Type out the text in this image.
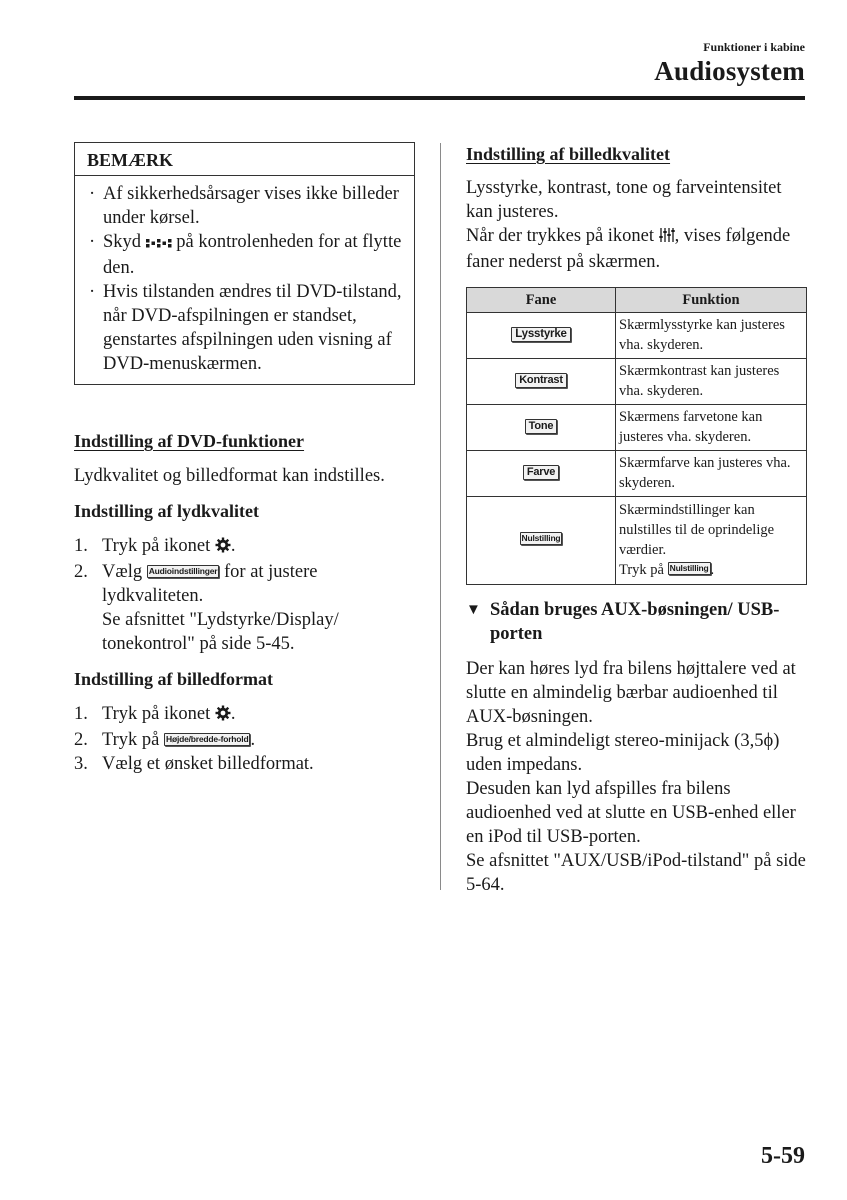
Funktioner i kabine
Audiosystem
BEMÆRK
· Af sikkerhedsårsager vises ikke billeder under kørsel.
· Skyd  på kontrolenheden for at flytte den.
· Hvis tilstanden ændres til DVD-tilstand, når DVD-afspilningen er standset, genstartes afspilningen uden visning af DVD-menuskærmen.
Indstilling af DVD-funktioner
Lydkvalitet og billedformat kan indstilles.
Indstilling af lydkvalitet
1. Tryk på ikonet .
2. Vælg Audioindstillinger for at justere lydkvaliteten.
Se afsnittet "Lydstyrke/Display/ tonekontrol" på side 5-45.
Indstilling af billedformat
1. Tryk på ikonet .
2. Tryk på Højde/bredde-forhold .
3. Vælg et ønsket billedformat.
Indstilling af billedkvalitet
Lysstyrke, kontrast, tone og farveintensitet kan justeres.
Når der trykkes på ikonet , vises følgende faner nederst på skærmen.
Fane	Funktion
Lysstyrke	Skærmlysstyrke kan justeres vha. skyderen.
Kontrast	Skærmkontrast kan justeres vha. skyderen.
Tone	Skærmens farvetone kan justeres vha. skyderen.
Farve	Skærmfarve kan justeres vha. skyderen.
Nulstilling	Skærmindstillinger kan nulstilles til de oprindelige værdier.
Tryk på Nulstilling .
▼ Sådan bruges AUX-bøsningen/ USB-porten
Der kan høres lyd fra bilens højttalere ved at slutte en almindelig bærbar audioenhed til AUX-bøsningen.
Brug et almindeligt stereo-minijack (3,5ϕ) uden impedans.
Desuden kan lyd afspilles fra bilens audioenhed ved at slutte en USB-enhed eller en iPod til USB-porten.
Se afsnittet "AUX/USB/iPod-tilstand" på side 5-64.
5-59
